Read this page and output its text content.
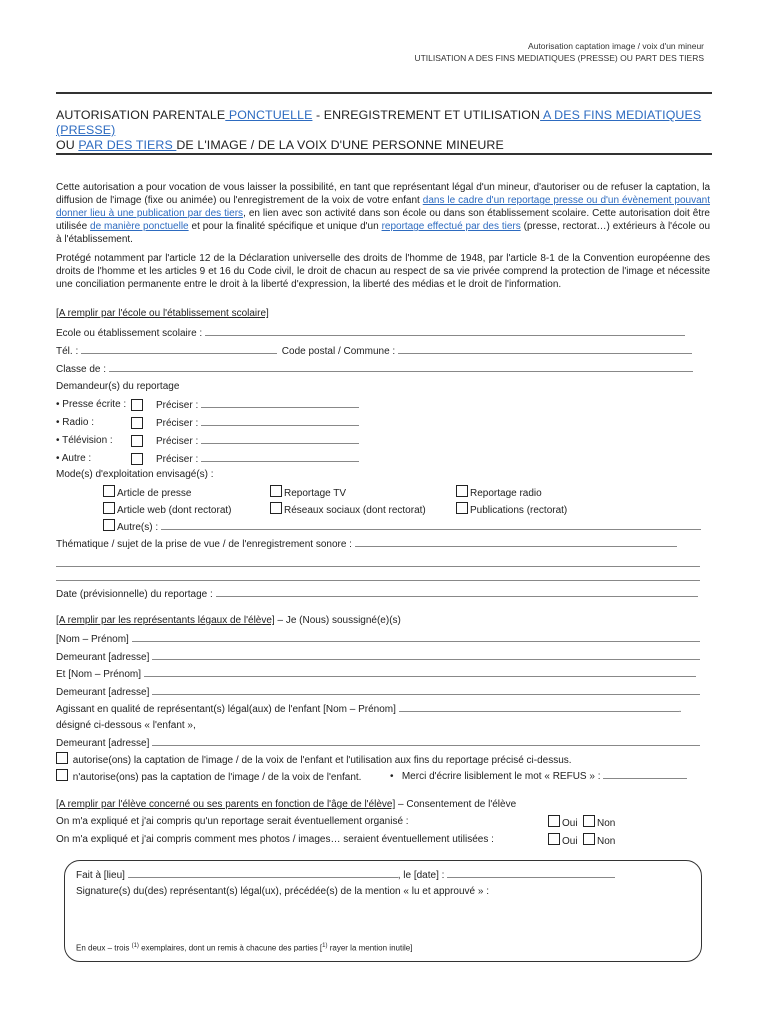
Autorisation captation image / voix d'un mineur
UTILISATION A DES FINS MEDIATIQUES (PRESSE) OU PART DES TIERS
AUTORISATION PARENTALE PONCTUELLE - ENREGISTREMENT ET UTILISATION A DES FINS MEDIATIQUES (PRESSE)
OU PAR DES TIERS DE L'IMAGE / DE LA VOIX D'UNE PERSONNE MINEURE
Cette autorisation a pour vocation de vous laisser la possibilité, en tant que représentant légal d'un mineur, d'autoriser ou de refuser la captation, la diffusion de l'image (fixe ou animée) ou l'enregistrement de la voix de votre enfant dans le cadre d'un reportage presse ou d'un évènement pouvant donner lieu à une publication par des tiers, en lien avec son activité dans son école ou dans son établissement scolaire. Cette autorisation doit être utilisée de manière ponctuelle et pour la finalité spécifique et unique d'un reportage effectué par des tiers (presse, rectorat…) extérieurs à l'école ou à l'établissement.
Protégé notamment par l'article 12 de la Déclaration universelle des droits de l'homme de 1948, par l'article 8-1 de la Convention européenne des droits de l'homme et les articles 9 et 16 du Code civil, le droit de chacun au respect de sa vie privée comprend la protection de l'image et nécessite une conciliation permanente entre le droit à la liberté d'expression, la liberté des médias et le droit de l'information.
[A remplir par l'école ou l'établissement scolaire]
Ecole ou établissement scolaire :
Tél. :	Code postal / Commune :
Classe de :
Demandeur(s) du reportage
• Presse écrite :	Préciser :
• Radio :	Préciser :
• Télévision :	Préciser :
• Autre :	Préciser :
Mode(s) d'exploitation envisagé(s) :
Article de presse	Reportage TV	Reportage radio
Article web (dont rectorat)	Réseaux sociaux (dont rectorat)	Publications (rectorat)
Autre(s) :
Thématique / sujet de la prise de vue / de l'enregistrement sonore :
Date (prévisionnelle) du reportage :
[A remplir par les représentants légaux de l'élève] – Je (Nous) soussigné(e)(s)
[Nom – Prénom]
Demeurant [adresse]
Et [Nom – Prénom]
Demeurant [adresse]
Agissant en qualité de représentant(s) légal(aux) de l'enfant [Nom – Prénom]	.
désigné ci-dessous « l'enfant »,
Demeurant [adresse]
autorise(ons) la captation de l'image / de la voix de l'enfant et l'utilisation aux fins du reportage précisé ci-dessus.
n'autorise(ons) pas la captation de l'image / de la voix de l'enfant.	•   Merci d'écrire lisiblement le mot « REFUS » :
[A remplir par l'élève concerné ou ses parents en fonction de l'âge de l'élève] – Consentement de l'élève
On m'a expliqué et j'ai compris qu'un reportage serait éventuellement organisé :	Oui	Non
On m'a expliqué et j'ai compris comment mes photos / images… seraient éventuellement utilisées :	Oui	Non
Fait à [lieu]	, le [date] :
Signature(s) du(des) représentant(s) légal(ux), précédée(s) de la mention « lu et approuvé » :
En deux – trois $^{(1)}$ exemplaires, dont un remis à chacune des parties [$^{1)}$ rayer la mention inutile]
